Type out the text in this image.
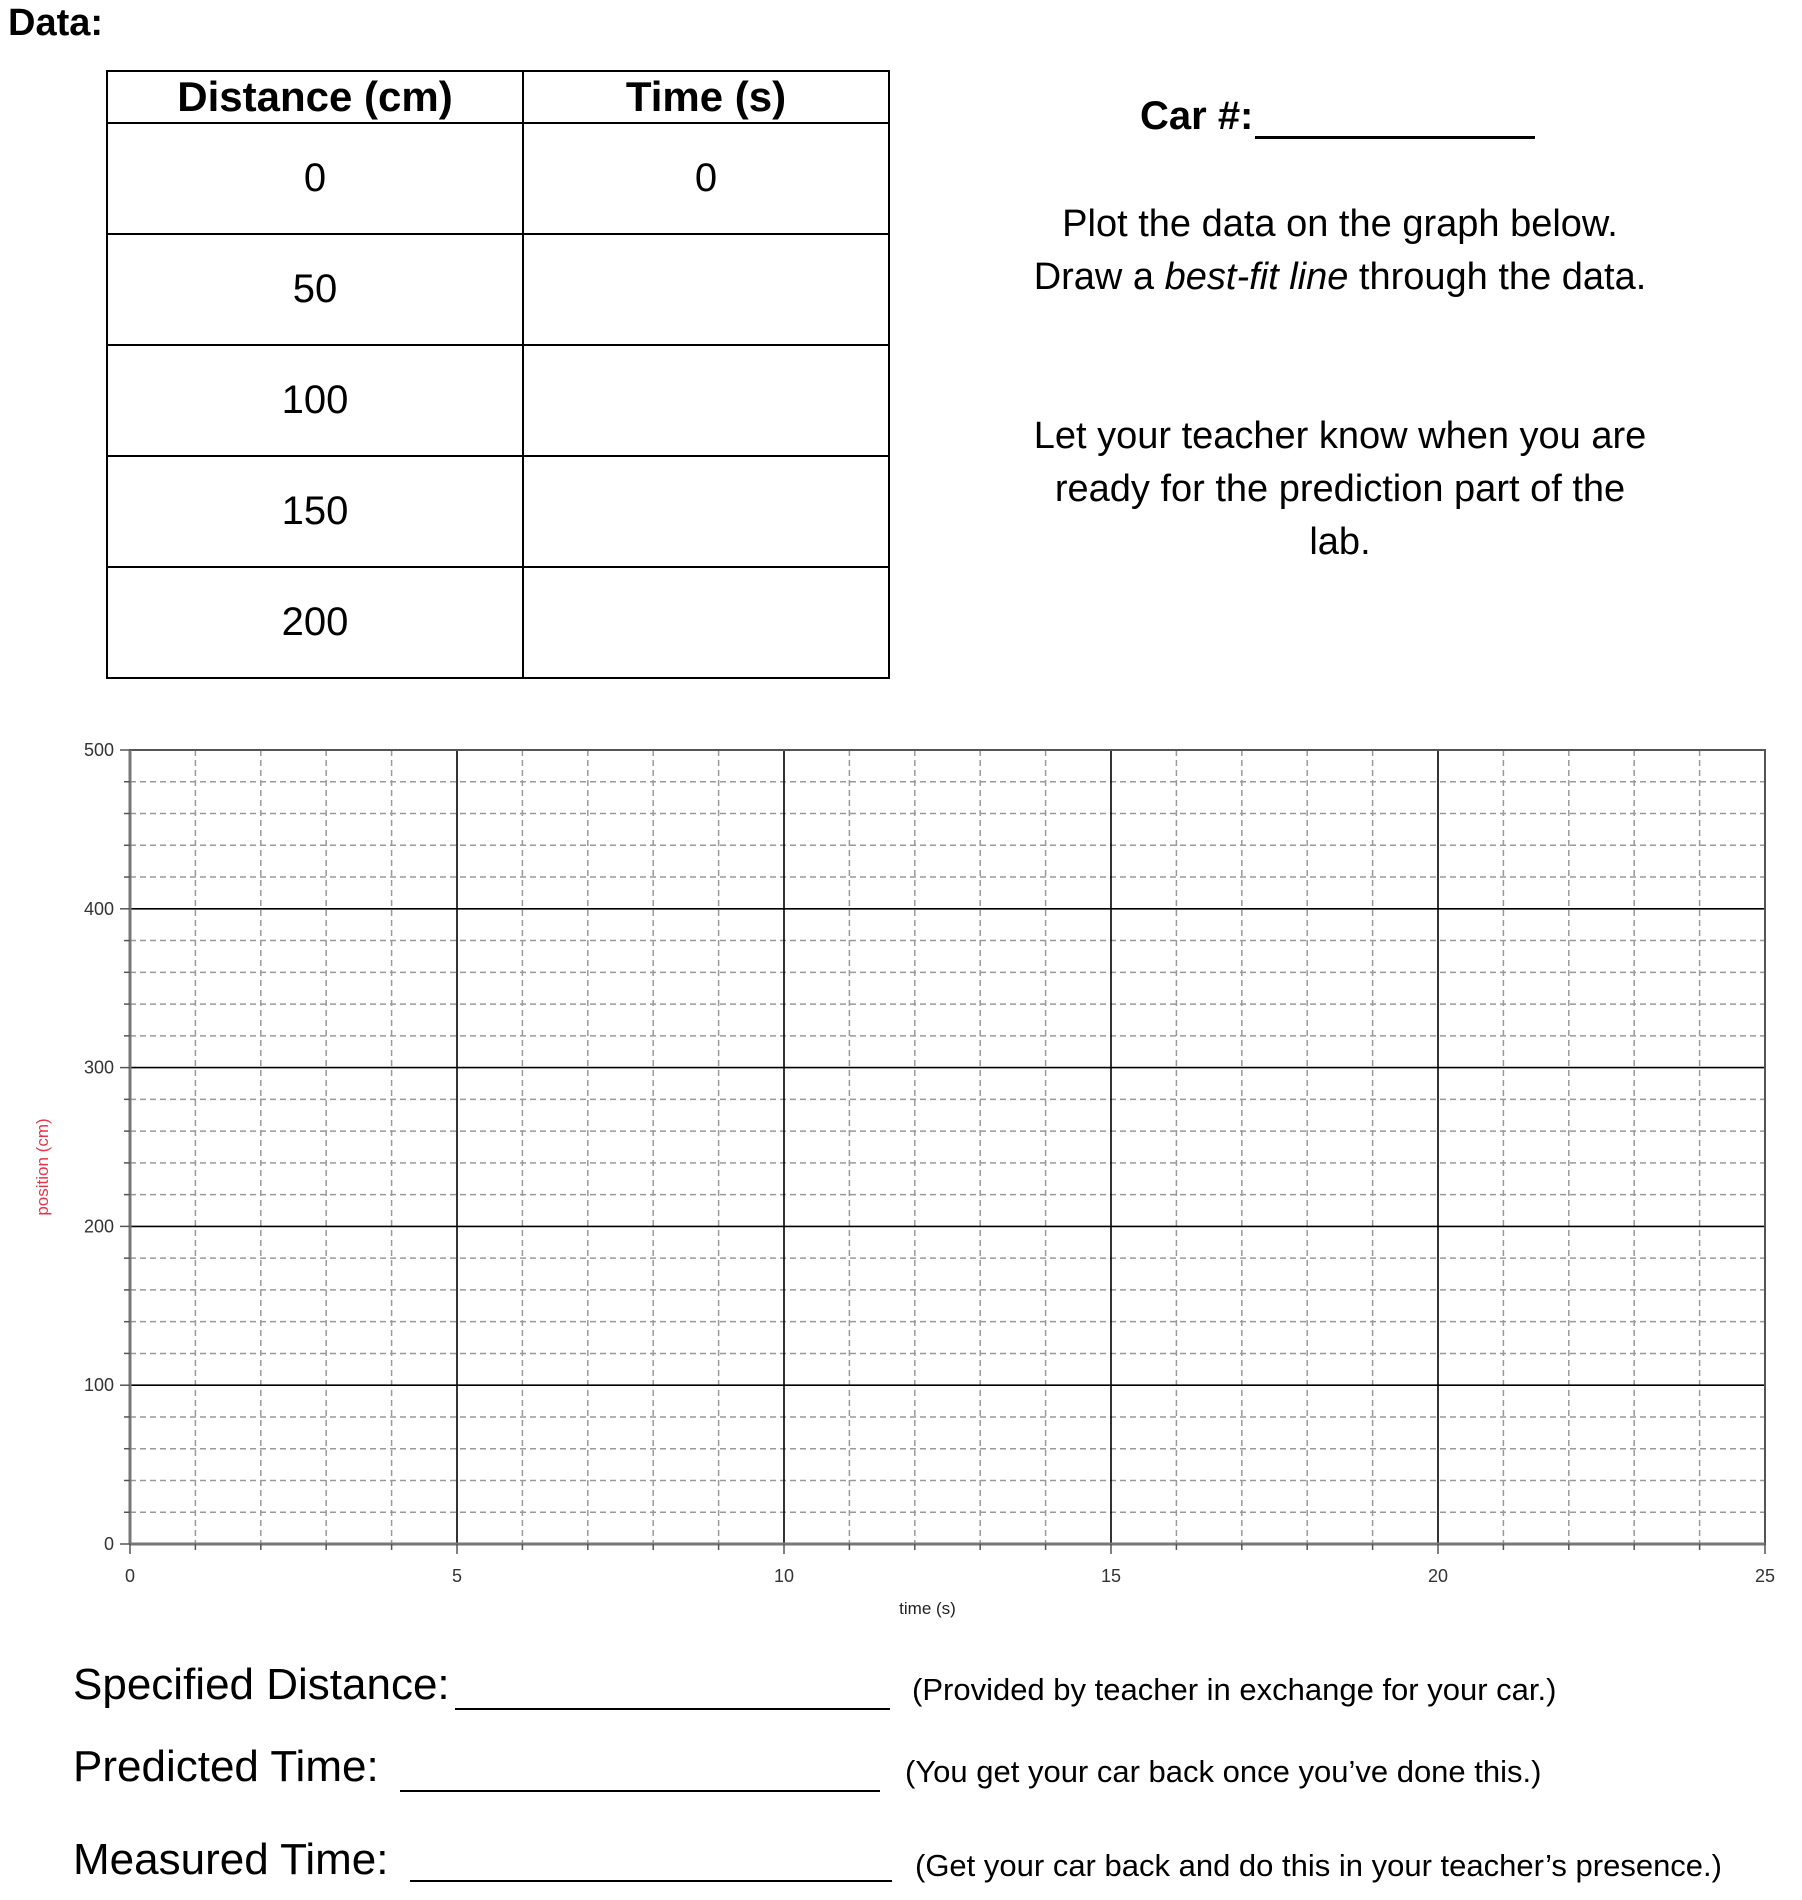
Data:
Distance (cm)	Time (s)
0	0
50	
100	
150	
200	
Car #:
Plot the data on the graph below. Draw a best-fit line through the data.
Let your teacher know when you are ready for the prediction part of the lab.
0	5	10	15	20	25
0
100
200
300
400
500
time (s)
position (cm)
Specified Distance:	(Provided by teacher in exchange for your car.)
Predicted Time:	(You get your car back once you’ve done this.)
Measured Time:	(Get your car back and do this in your teacher’s presence.)
